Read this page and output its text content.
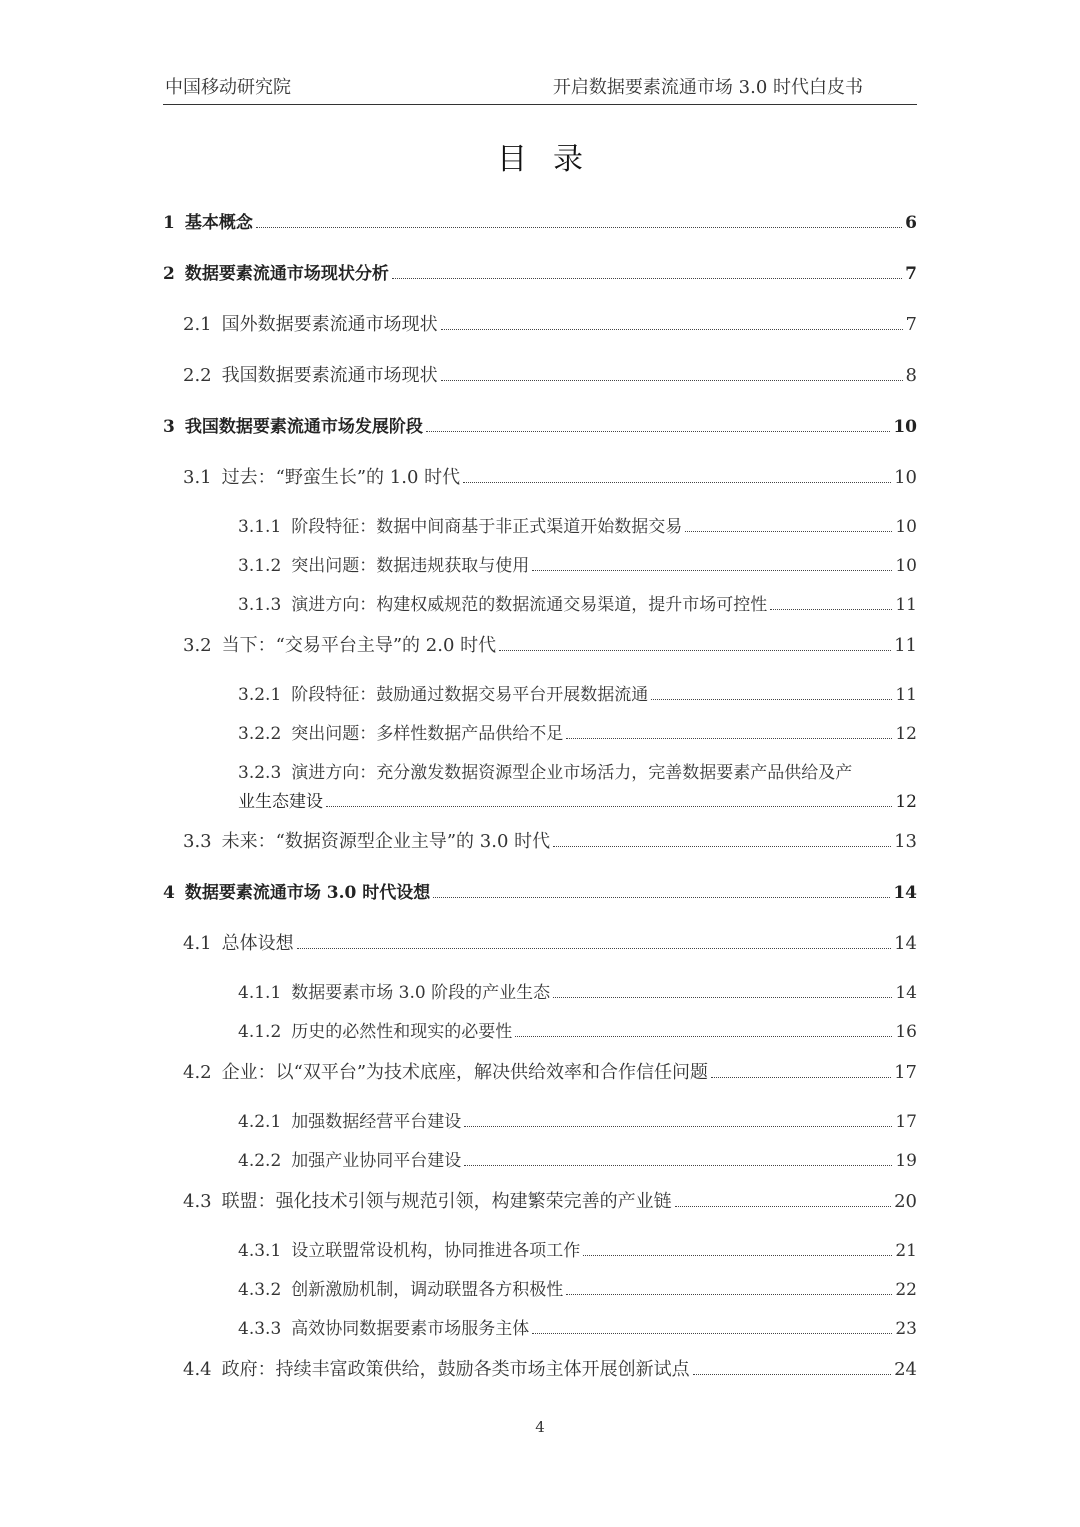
中国移动研究院	开启数据要素流通市场 3.0 时代白皮书
目录
1 基本概念	6
2 数据要素流通市场现状分析	7
2.1 国外数据要素流通市场现状	7
2.2 我国数据要素流通市场现状	8
3 我国数据要素流通市场发展阶段	10
3.1 过去：“野蛮生长”的 1.0 时代	10
3.1.1 阶段特征：数据中间商基于非正式渠道开始数据交易	10
3.1.2 突出问题：数据违规获取与使用	10
3.1.3 演进方向：构建权威规范的数据流通交易渠道，提升市场可控性	11
3.2 当下：“交易平台主导”的 2.0 时代	11
3.2.1 阶段特征：鼓励通过数据交易平台开展数据流通	11
3.2.2 突出问题：多样性数据产品供给不足	12
3.2.3 演进方向：充分激发数据资源型企业市场活力，完善数据要素产品供给及产
业生态建设	12
3.3 未来：“数据资源型企业主导”的 3.0 时代	13
4 数据要素流通市场 3.0 时代设想	14
4.1 总体设想	14
4.1.1 数据要素市场 3.0 阶段的产业生态	14
4.1.2 历史的必然性和现实的必要性	16
4.2 企业：以“双平台”为技术底座，解决供给效率和合作信任问题	17
4.2.1 加强数据经营平台建设	17
4.2.2 加强产业协同平台建设	19
4.3 联盟：强化技术引领与规范引领，构建繁荣完善的产业链	20
4.3.1 设立联盟常设机构，协同推进各项工作	21
4.3.2 创新激励机制，调动联盟各方积极性	22
4.3.3 高效协同数据要素市场服务主体	23
4.4 政府：持续丰富政策供给，鼓励各类市场主体开展创新试点	24
4
